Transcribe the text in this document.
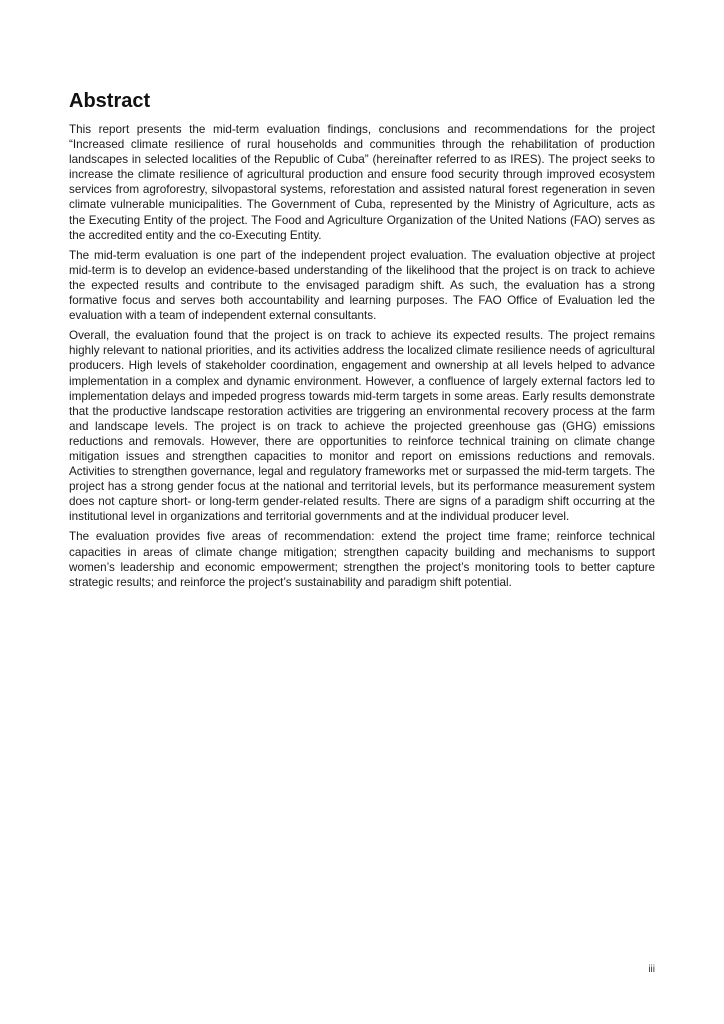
Abstract

This report presents the mid-term evaluation findings, conclusions and recommendations for the project “Increased climate resilience of rural households and communities through the rehabilitation of production landscapes in selected localities of the Republic of Cuba” (hereinafter referred to as IRES). The project seeks to increase the climate resilience of agricultural production and ensure food security through improved ecosystem services from agroforestry, silvopastoral systems, reforestation and assisted natural forest regeneration in seven climate vulnerable municipalities. The Government of Cuba, represented by the Ministry of Agriculture, acts as the Executing Entity of the project. The Food and Agriculture Organization of the United Nations (FAO) serves as the accredited entity and the co-Executing Entity.

The mid-term evaluation is one part of the independent project evaluation. The evaluation objective at project mid-term is to develop an evidence-based understanding of the likelihood that the project is on track to achieve the expected results and contribute to the envisaged paradigm shift. As such, the evaluation has a strong formative focus and serves both accountability and learning purposes. The FAO Office of Evaluation led the evaluation with a team of independent external consultants.

Overall, the evaluation found that the project is on track to achieve its expected results. The project remains highly relevant to national priorities, and its activities address the localized climate resilience needs of agricultural producers. High levels of stakeholder coordination, engagement and ownership at all levels helped to advance implementation in a complex and dynamic environment. However, a confluence of largely external factors led to implementation delays and impeded progress towards mid-term targets in some areas. Early results demonstrate that the productive landscape restoration activities are triggering an environmental recovery process at the farm and landscape levels. The project is on track to achieve the projected greenhouse gas (GHG) emissions reductions and removals. However, there are opportunities to reinforce technical training on climate change mitigation issues and strengthen capacities to monitor and report on emissions reductions and removals. Activities to strengthen governance, legal and regulatory frameworks met or surpassed the mid-term targets. The project has a strong gender focus at the national and territorial levels, but its performance measurement system does not capture short- or long-term gender-related results. There are signs of a paradigm shift occurring at the institutional level in organizations and territorial governments and at the individual producer level.

The evaluation provides five areas of recommendation: extend the project time frame; reinforce technical capacities in areas of climate change mitigation; strengthen capacity building and mechanisms to support women’s leadership and economic empowerment; strengthen the project’s monitoring tools to better capture strategic results; and reinforce the project’s sustainability and paradigm shift potential.

iii
